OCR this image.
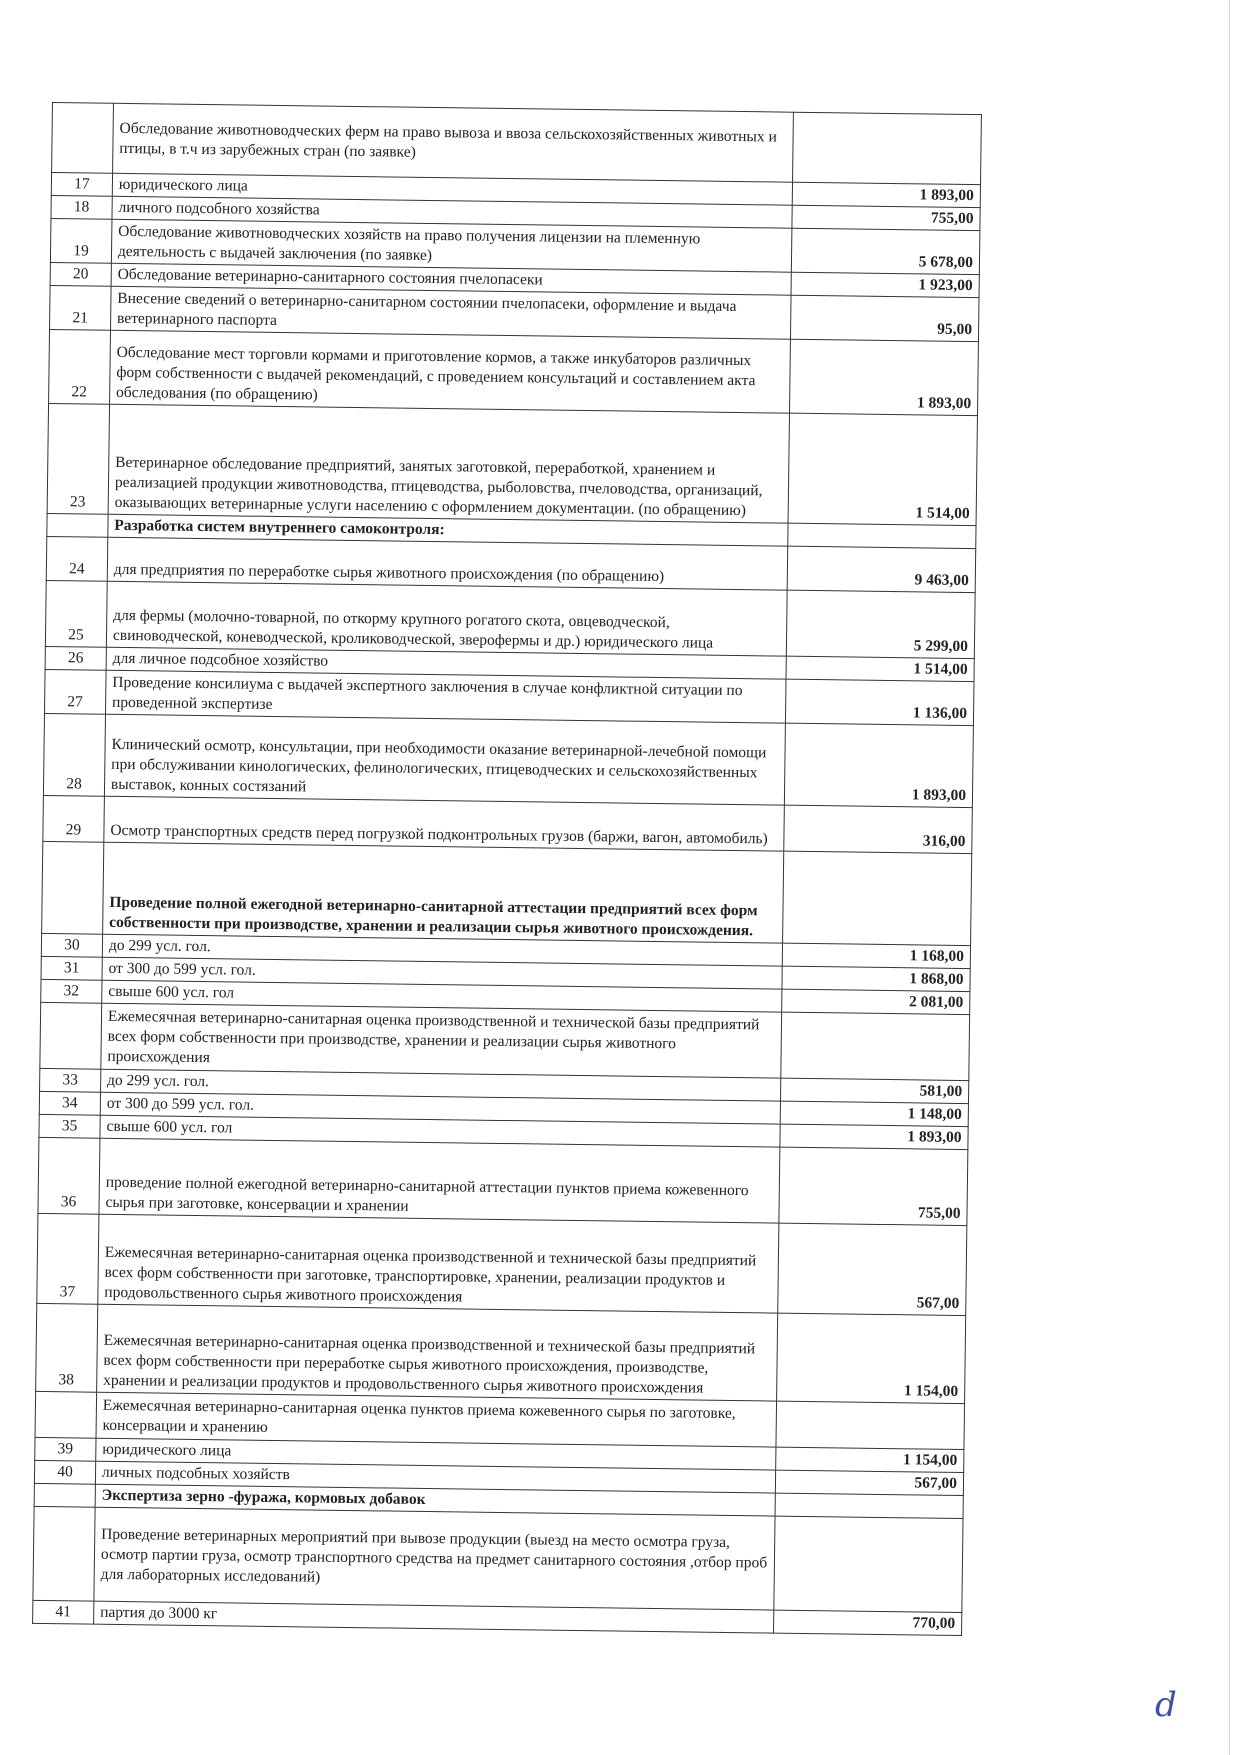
	Обследование животноводческих ферм на право вывоза и ввоза сельскохозяйственных животных и птицы, в т.ч из зарубежных стран (по заявке)	
17	юридического лица	1 893,00
18	личного подсобного хозяйства	755,00
19	Обследование животноводческих хозяйств на право получения лицензии на племенную деятельность с выдачей заключения (по заявке)	5 678,00
20	Обследование ветеринарно-санитарного состояния пчелопасеки	1 923,00
21	Внесение сведений о ветеринарно-санитарном состоянии пчелопасеки, оформление и выдача ветеринарного паспорта	95,00
22	Обследование мест торговли кормами и приготовление кормов, а также инкубаторов различных форм собственности с выдачей рекомендаций, с проведением консультаций и составлением акта обследования (по обращению)	1 893,00
23	Ветеринарное обследование предприятий, занятых заготовкой, переработкой, хранением и реализацией продукции животноводства, птицеводства, рыболовства, пчеловодства, организаций, оказывающих ветеринарные услуги населению с оформлением документации. (по обращению)	1 514,00
	Разработка систем внутреннего самоконтроля:	
24	для предприятия по переработке сырья животного происхождения (по обращению)	9 463,00
25	для фермы (молочно-товарной, по откорму крупного рогатого скота, овцеводческой, свиноводческой, коневодческой, кролиководческой, зверофермы и др.) юридического лица	5 299,00
26	для личное подсобное хозяйство	1 514,00
27	Проведение консилиума с выдачей экспертного заключения в случае конфликтной ситуации по проведенной экспертизе	1 136,00
28	Клинический осмотр, консультации, при необходимости оказание ветеринарной-лечебной помощи при обслуживании кинологических, фелинологических, птицеводческих и сельскохозяйственных выставок, конных состязаний	1 893,00
29	Осмотр транспортных средств перед погрузкой подконтрольных грузов (баржи, вагон, автомобиль)	316,00
	Проведение полной ежегодной ветеринарно-санитарной аттестации предприятий всех форм собственности при производстве, хранении и реализации сырья животного происхождения.	
30	до 299 усл. гол.	1 168,00
31	от 300 до 599 усл. гол.	1 868,00
32	свыше 600 усл. гол	2 081,00
	Ежемесячная ветеринарно-санитарная оценка производственной и технической базы предприятий всех форм собственности при производстве, хранении и реализации сырья животного происхождения	
33	до 299 усл. гол.	581,00
34	от 300 до 599 усл. гол.	1 148,00
35	свыше 600 усл. гол	1 893,00
36	проведение полной ежегодной ветеринарно-санитарной аттестации пунктов приема кожевенного сырья при заготовке, консервации и хранении	755,00
37	Ежемесячная ветеринарно-санитарная оценка производственной и технической базы предприятий всех форм собственности при заготовке, транспортировке, хранении, реализации продуктов и продовольственного сырья животного происхождения	567,00
38	Ежемесячная ветеринарно-санитарная оценка производственной и технической базы предприятий всех форм собственности при переработке сырья животного происхождения, производстве, хранении и реализации продуктов и продовольственного сырья животного происхождения	1 154,00
	Ежемесячная ветеринарно-санитарная оценка пунктов приема кожевенного сырья по заготовке, консервации и хранению	
39	юридического лица	1 154,00
40	личных подсобных хозяйств	567,00
	Экспертиза зерно -фуража, кормовых добавок	
	Проведение ветеринарных мероприятий при вывозе продукции (выезд на место осмотра груза, осмотр партии груза, осмотр транспортного средства на предмет санитарного состояния ,отбор проб для лабораторных исследований)	
41	партия до 3000 кг	770,00
d
